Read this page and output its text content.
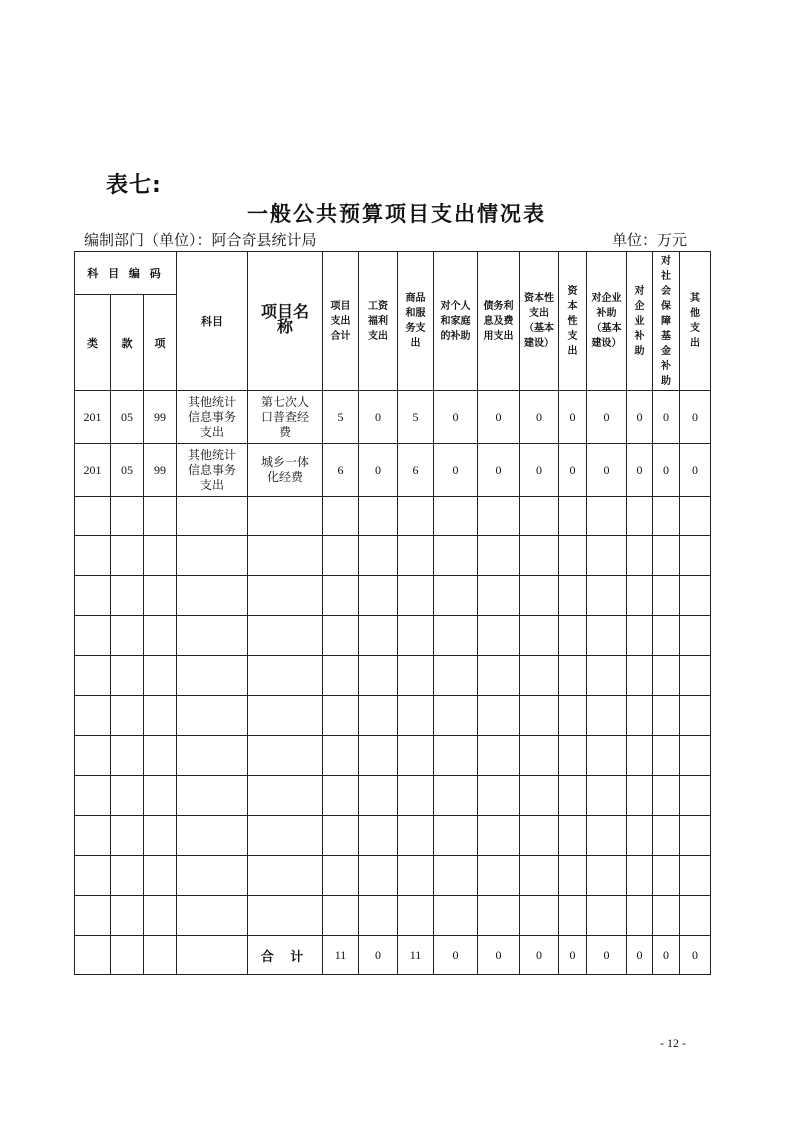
表七:
一般公共预算项目支出情况表
编制部门（单位）：阿合奇县统计局	单位：万元
科 目 编 码			科目	项目名称	项目支出合计	工资福利支出	商品和服务支出	对个人和家庭的补助	债务利息及费用支出	资本性支出（基本建设）	资本性支出	对企业补助（基本建设）	对企业补助	对社会保障基金补助	其他支出
类	款	项													
201	05	99	其他统计信息事务支出	第七次人口普查经费	5	0	5	0	0	0	0	0	0	0	0
201	05	99	其他统计信息事务支出	城乡一体化经费	6	0	6	0	0	0	0	0	0	0	0

				合 计	11	0	11	0	0	0	0	0	0	0	0
- 12 -
